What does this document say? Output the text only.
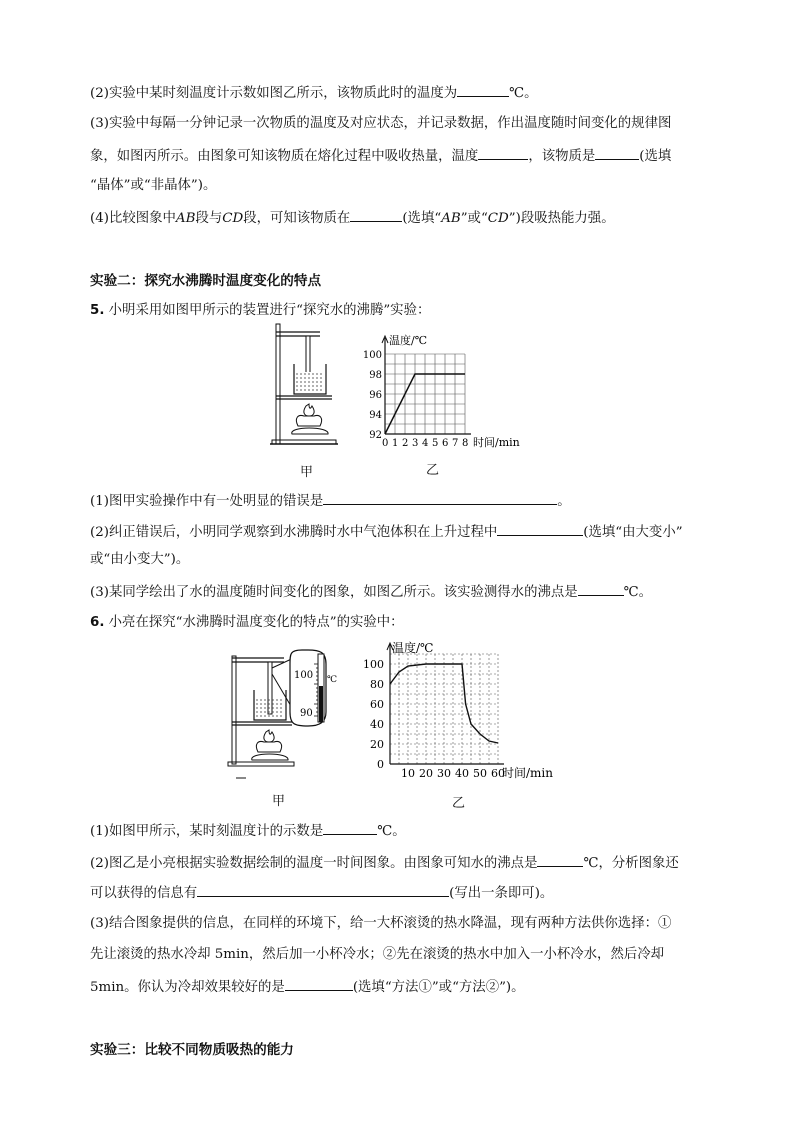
(2)实验中某时刻温度计示数如图乙所示，该物质此时的温度为	℃。
(3)实验中每隔一分钟记录一次物质的温度及对应状态，并记录数据，作出温度随时间变化的规律图
象，如图丙所示。由图象可知该物质在熔化过程中吸收热量，温度	，该物质是	(选填
“晶体”或“非晶体”)。
(4)比较图象中AB段与CD段，可知该物质在	(选填“AB”或“CD”)段吸热能力强。
实验二：探究水沸腾时温度变化的特点
5. 小明采用如图甲所示的装置进行“探究水的沸腾”实验：
温度/℃
时间/min
0 1 2 3 4 5 6 7 8
92
94
96
98
100
甲	乙
(1)图甲实验操作中有一处明显的错误是	。
(2)纠正错误后，小明同学观察到水沸腾时水中气泡体积在上升过程中	(选填“由大变小”
或“由小变大”)。
(3)某同学绘出了水的温度随时间变化的图象，如图乙所示。该实验测得水的沸点是	℃。
6. 小亮在探究“水沸腾时温度变化的特点”的实验中：
100
90
℃
温度/℃
时间/min
0
10 20 30 40 50 60
20
40
60
80
100
甲	乙
(1)如图甲所示，某时刻温度计的示数是	℃。
(2)图乙是小亮根据实验数据绘制的温度一时间图象。由图象可知水的沸点是	℃，分析图象还
可以获得的信息有	(写出一条即可)。
(3)结合图象提供的信息，在同样的环境下，给一大杯滚烫的热水降温，现有两种方法供你选择：①
先让滚烫的热水冷却 5min，然后加一小杯冷水；②先在滚烫的热水中加入一小杯冷水，然后冷却
5min。你认为冷却效果较好的是	(选填“方法①”或“方法②”)。
实验三：比较不同物质吸热的能力
